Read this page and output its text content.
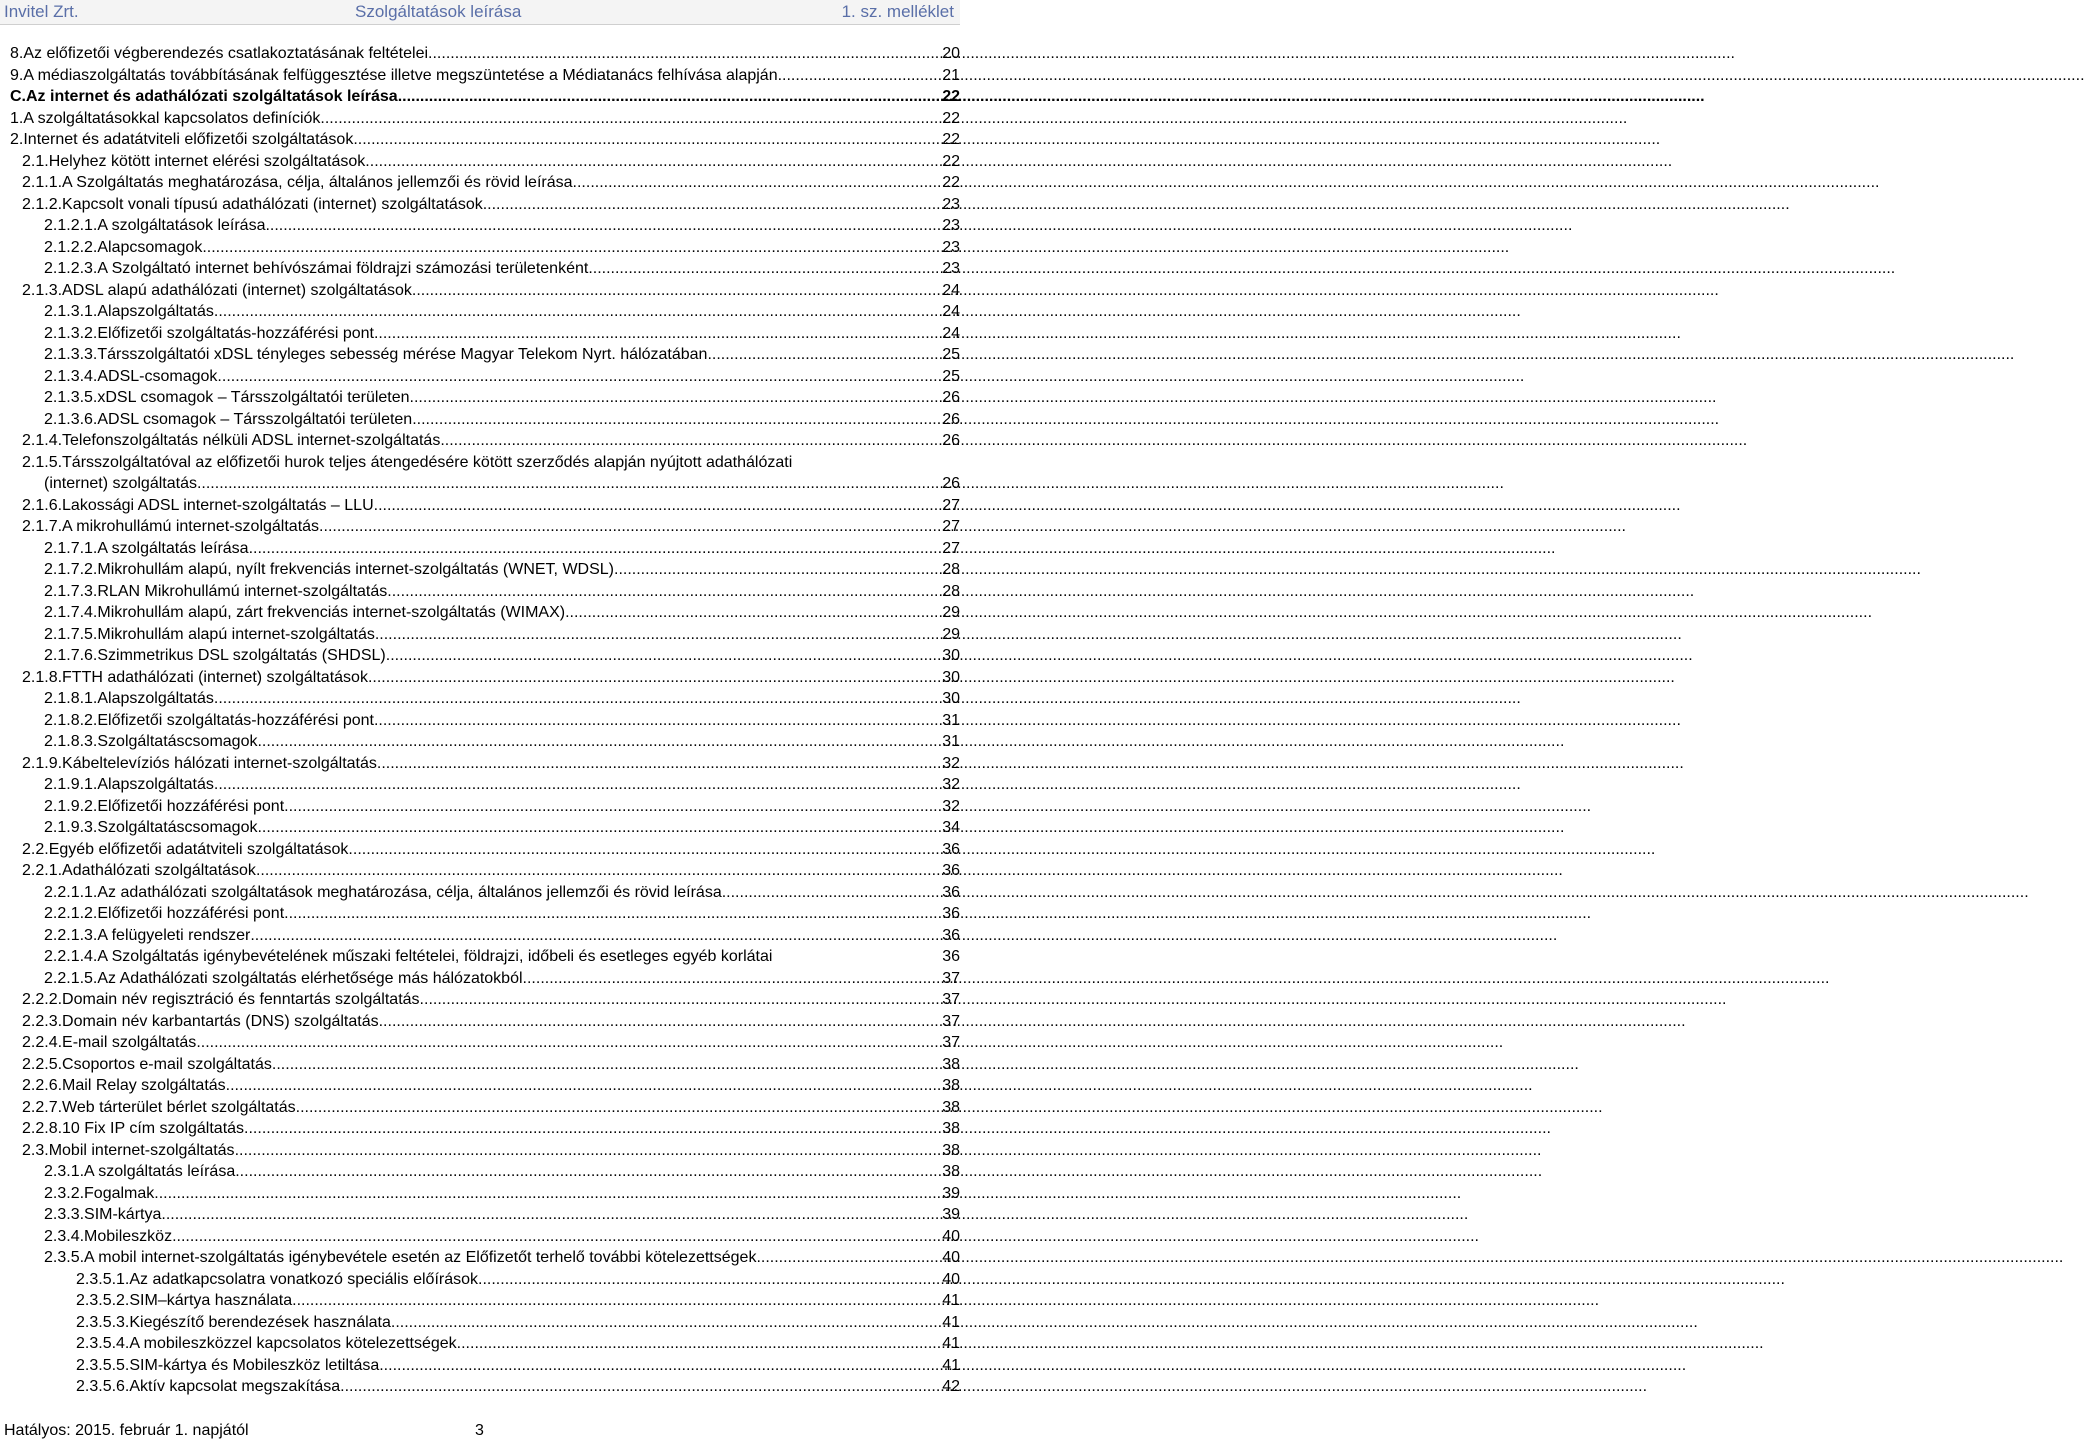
Invitel Zrt.	Szolgáltatások leírása	1. sz. melléklet
8. Az előfizetői végberendezés csatlakoztatásának feltételei .....	20
9. A médiaszolgáltatás továbbításának felfüggesztése illetve megszüntetése a Médiatanács felhívása alapján .....	21
C. Az internet és adathálózati szolgáltatások leírása .....	22
1. A szolgáltatásokkal kapcsolatos definíciók .....	22
2. Internet és adatátviteli előfizetői szolgáltatások .....	22
2.1. Helyhez kötött internet elérési szolgáltatások .....	22
2.1.1. A Szolgáltatás meghatározása, célja, általános jellemzői és rövid leírása .....	22
2.1.2. Kapcsolt vonali típusú adathálózati (internet) szolgáltatások .....	23
2.1.2.1. A szolgáltatások leírása .....	23
2.1.2.2. Alapcsomagok .....	23
2.1.2.3. A Szolgáltató internet behívószámai földrajzi számozási területenként .....	23
2.1.3. ADSL alapú adathálózati (internet) szolgáltatások .....	24
2.1.3.1. Alapszolgáltatás .....	24
2.1.3.2. Előfizetői szolgáltatás-hozzáférési pont .....	24
2.1.3.3. Társszolgáltatói xDSL tényleges sebesség mérése Magyar Telekom Nyrt. hálózatában .....	25
2.1.3.4. ADSL-csomagok .....	25
2.1.3.5. xDSL csomagok – Társszolgáltatói területen .....	26
2.1.3.6. ADSL csomagok – Társszolgáltatói területen .....	26
2.1.4. Telefonszolgáltatás nélküli ADSL internet-szolgáltatás .....	26
2.1.5. Társszolgáltatóval az előfizetői hurok teljes átengedésére kötött szerződés alapján nyújtott adathálózati
(internet) szolgáltatás .....	26
2.1.6. Lakossági ADSL internet-szolgáltatás – LLU .....	27
2.1.7. A mikrohullámú internet-szolgáltatás .....	27
2.1.7.1. A szolgáltatás leírása .....	27
2.1.7.2. Mikrohullám alapú, nyílt frekvenciás internet-szolgáltatás (WNET, WDSL) .....	28
2.1.7.3. RLAN Mikrohullámú internet-szolgáltatás .....	28
2.1.7.4. Mikrohullám alapú, zárt frekvenciás internet-szolgáltatás (WIMAX) .....	29
2.1.7.5. Mikrohullám alapú internet-szolgáltatás .....	29
2.1.7.6. Szimmetrikus DSL szolgáltatás (SHDSL) .....	30
2.1.8. FTTH adathálózati (internet) szolgáltatások .....	30
2.1.8.1. Alapszolgáltatás .....	30
2.1.8.2. Előfizetői szolgáltatás-hozzáférési pont .....	31
2.1.8.3. Szolgáltatáscsomagok .....	31
2.1.9. Kábeltelevíziós hálózati internet-szolgáltatás .....	32
2.1.9.1. Alapszolgáltatás .....	32
2.1.9.2. Előfizetői hozzáférési pont .....	32
2.1.9.3. Szolgáltatáscsomagok .....	34
2.2. Egyéb előfizetői adatátviteli szolgáltatások .....	36
2.2.1. Adathálózati szolgáltatások .....	36
2.2.1.1. Az adathálózati szolgáltatások meghatározása, célja, általános jellemzői és rövid leírása .....	36
2.2.1.2. Előfizetői hozzáférési pont .....	36
2.2.1.3. A felügyeleti rendszer .....	36
2.2.1.4. A Szolgáltatás igénybevételének műszaki feltételei, földrajzi, időbeli és esetleges egyéb korlátai	36
2.2.1.5. Az Adathálózati szolgáltatás elérhetősége más hálózatokból .....	37
2.2.2. Domain név regisztráció és fenntartás szolgáltatás .....	37
2.2.3. Domain név karbantartás (DNS) szolgáltatás .....	37
2.2.4. E-mail szolgáltatás .....	37
2.2.5. Csoportos e-mail szolgáltatás .....	38
2.2.6. Mail Relay szolgáltatás .....	38
2.2.7. Web tárterület bérlet szolgáltatás .....	38
2.2.8. 10 Fix IP cím szolgáltatás .....	38
2.3. Mobil internet-szolgáltatás .....	38
2.3.1. A szolgáltatás leírása .....	38
2.3.2. Fogalmak .....	39
2.3.3. SIM-kártya .....	39
2.3.4. Mobileszköz .....	40
2.3.5. A mobil internet-szolgáltatás igénybevétele esetén az Előfizetőt terhelő további kötelezettségek .....	40
2.3.5.1. Az adatkapcsolatra vonatkozó speciális előírások .....	40
2.3.5.2. SIM–kártya használata .....	41
2.3.5.3. Kiegészítő berendezések használata .....	41
2.3.5.4. A mobileszközzel kapcsolatos kötelezettségek .....	41
2.3.5.5. SIM-kártya és Mobileszköz letiltása .....	41
2.3.5.6. Aktív kapcsolat megszakítása .....	42
Hatályos: 2015. február 1. napjától	3
